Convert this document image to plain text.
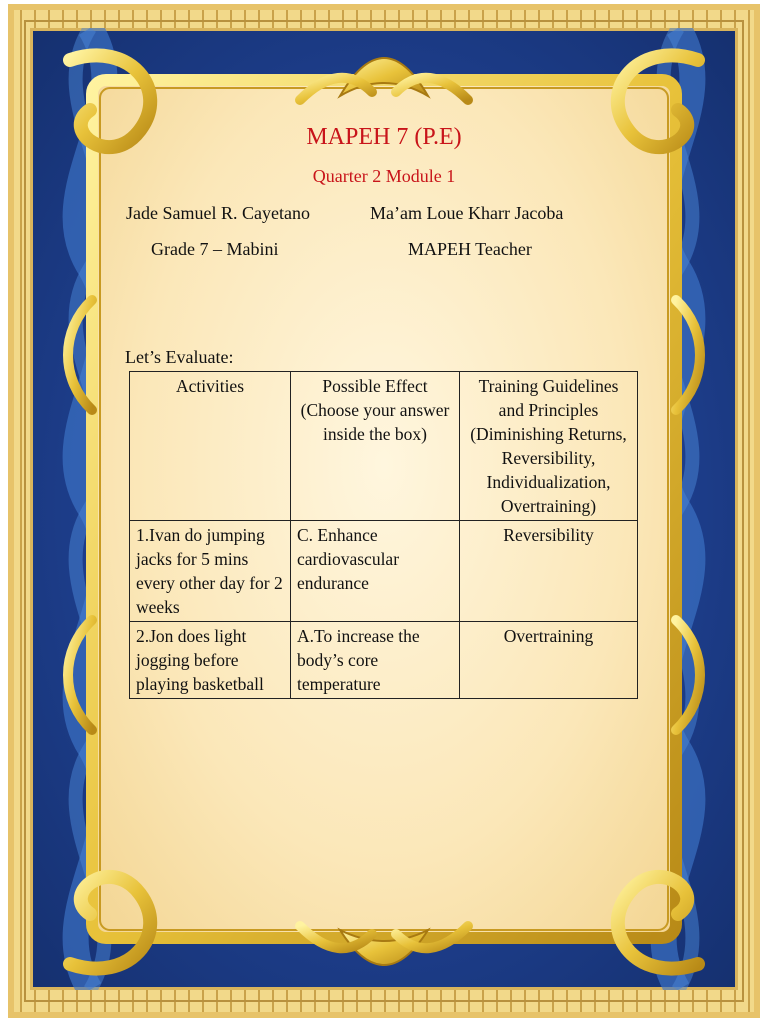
MAPEH 7 (P.E)
Quarter 2 Module 1
Jade Samuel R. Cayetano	Ma’am Loue Kharr Jacoba
Grade 7 – Mabini	MAPEH Teacher
Let’s Evaluate:
Activities	Possible Effect (Choose your answer inside the box)	Training Guidelines and Principles (Diminishing Returns, Reversibility, Individualization, Overtraining)
1.Ivan do jumping jacks for 5 mins every other day for 2 weeks	C. Enhance cardiovascular endurance	Reversibility
2.Jon does light jogging before playing basketball	A.To increase the body’s core temperature	Overtraining
